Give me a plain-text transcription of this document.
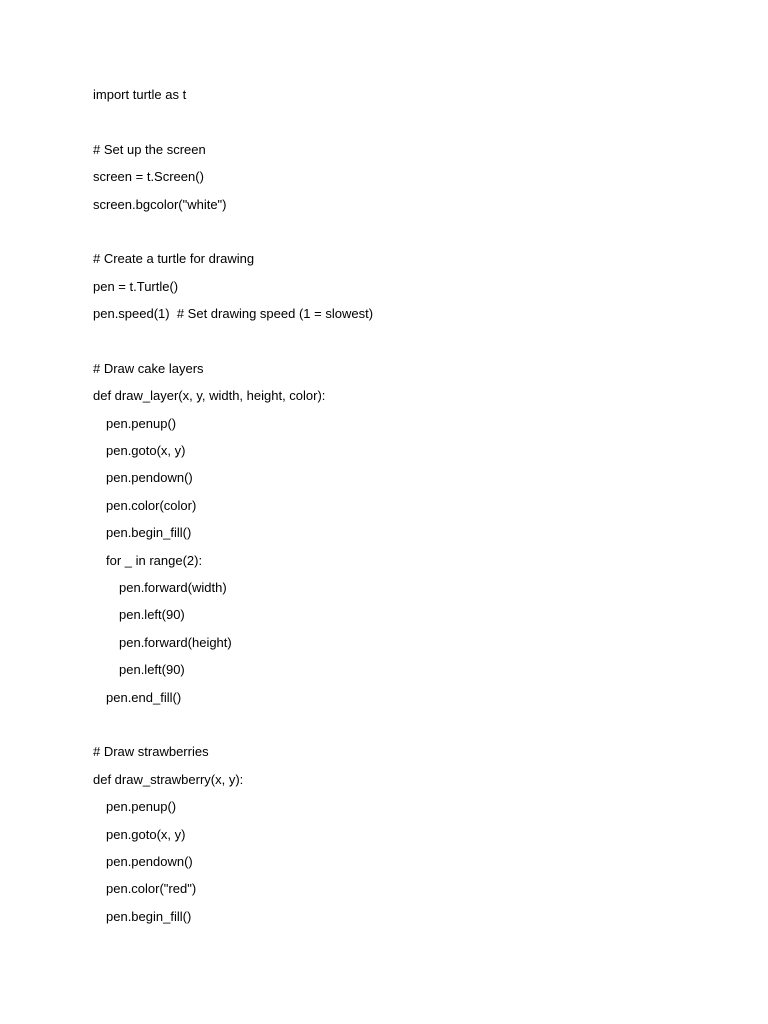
import turtle as t
# Set up the screen
screen = t.Screen()
screen.bgcolor("white")
# Create a turtle for drawing
pen = t.Turtle()
pen.speed(1)  # Set drawing speed (1 = slowest)
# Draw cake layers
def draw_layer(x, y, width, height, color):
pen.penup()
pen.goto(x, y)
pen.pendown()
pen.color(color)
pen.begin_fill()
for _ in range(2):
pen.forward(width)
pen.left(90)
pen.forward(height)
pen.left(90)
pen.end_fill()
# Draw strawberries
def draw_strawberry(x, y):
pen.penup()
pen.goto(x, y)
pen.pendown()
pen.color("red")
pen.begin_fill()
